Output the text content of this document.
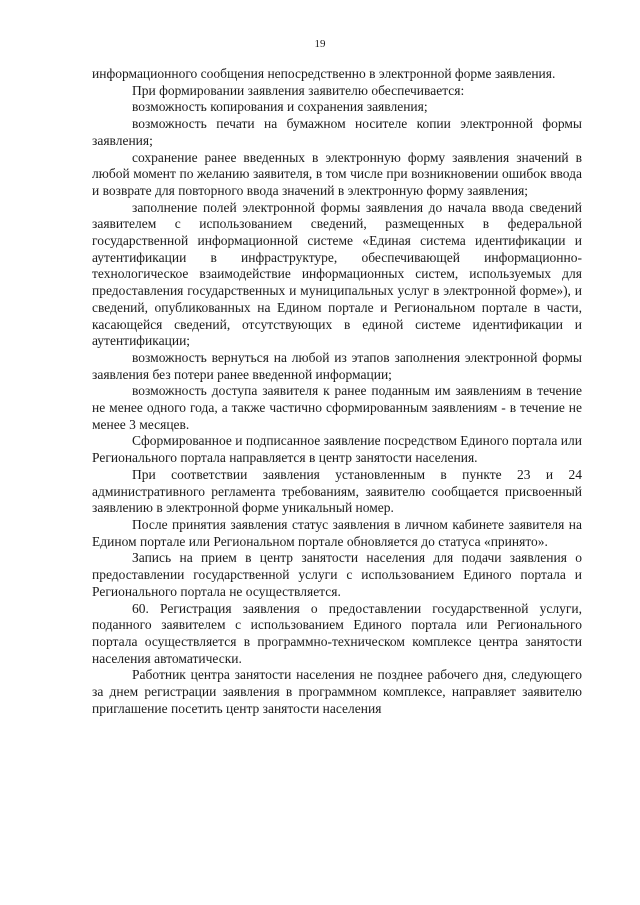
19

информационного сообщения непосредственно в электронной форме заявления.

При формировании заявления заявителю обеспечивается:

возможность копирования и сохранения заявления;

возможность печати на бумажном носителе копии электронной формы заявления;

сохранение ранее введенных в электронную форму заявления значений в любой момент по желанию заявителя, в том числе при возникновении ошибок ввода и возврате для повторного ввода значений в электронную форму заявления;

заполнение полей электронной формы заявления до начала ввода сведений заявителем с использованием сведений, размещенных в федеральной государственной информационной системе «Единая система идентификации и аутентификации в инфраструктуре, обеспечивающей информационно-технологическое взаимодействие информационных систем, используемых для предоставления государственных и муниципальных услуг в электронной форме»), и сведений, опубликованных на Едином портале и Региональном портале в части, касающейся сведений, отсутствующих в единой системе идентификации и аутентификации;

возможность вернуться на любой из этапов заполнения электронной формы заявления без потери ранее введенной информации;

возможность доступа заявителя к ранее поданным им заявлениям в течение не менее одного года, а также частично сформированным заявлениям - в течение не менее 3 месяцев.

Сформированное и подписанное заявление посредством Единого портала или Регионального портала направляется в центр занятости населения.

При соответствии заявления установленным в пункте 23 и 24 административного регламента требованиям, заявителю сообщается присвоенный заявлению в электронной форме уникальный номер.

После принятия заявления статус заявления в личном кабинете заявителя на Едином портале или Региональном портале обновляется до статуса «принято».

Запись на прием в центр занятости населения для подачи заявления о предоставлении государственной услуги с использованием Единого портала и Регионального портала не осуществляется.

60. Регистрация заявления о предоставлении государственной услуги, поданного заявителем с использованием Единого портала или Регионального портала осуществляется в программно-техническом комплексе центра занятости населения автоматически.

Работник центра занятости населения не позднее рабочего дня, следующего за днем регистрации заявления в программном комплексе, направляет заявителю приглашение посетить центр занятости населения
